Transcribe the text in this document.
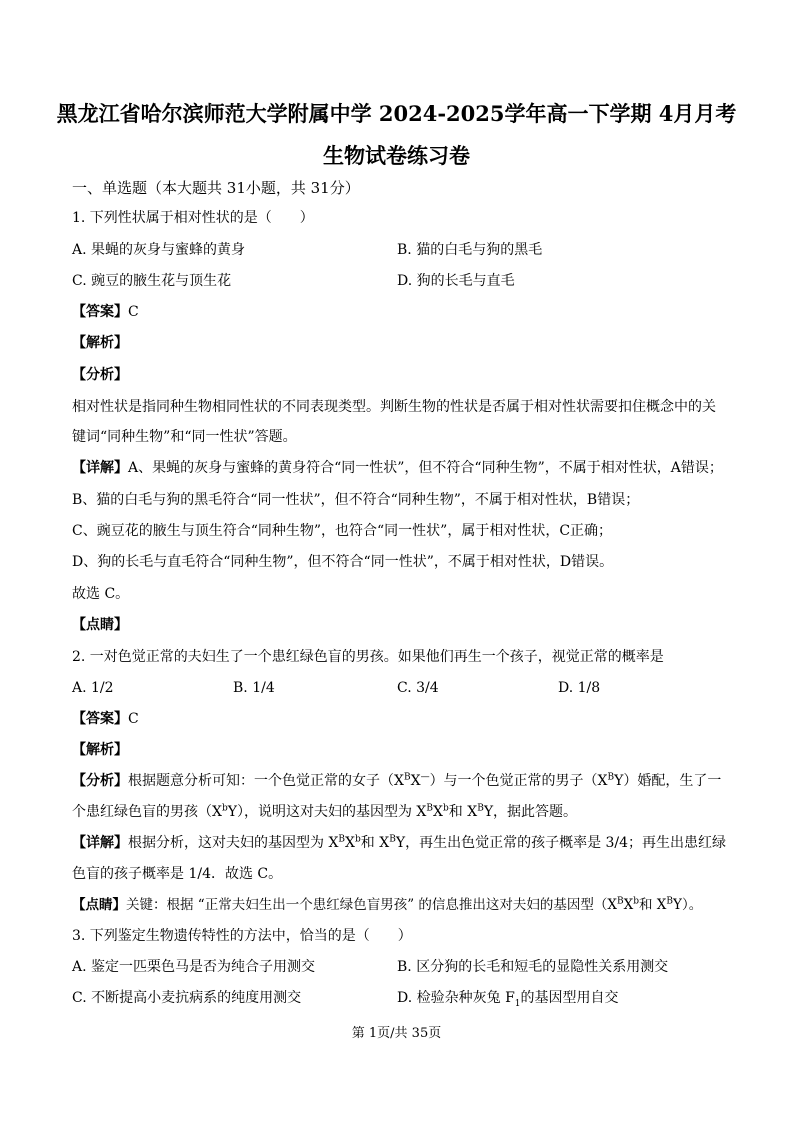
黑龙江省哈尔滨师范大学附属中学 2024-2025学年高一下学期 4月月考
生物试卷练习卷
一、单选题（本大题共 31小题，共 31分）
1. 下列性状属于相对性状的是（　　）
A. 果蝇的灰身与蜜蜂的黄身	B. 猫的白毛与狗的黑毛
C. 豌豆的腋生花与顶生花	D. 狗的长毛与直毛
【答案】C
【解析】
【分析】
相对性状是指同种生物相同性状的不同表现类型。判断生物的性状是否属于相对性状需要扣住概念中的关
键词“同种生物”和“同一性状”答题。
【详解】A、果蝇的灰身与蜜蜂的黄身符合“同一性状”，但不符合“同种生物”，不属于相对性状，A错误；
B、猫的白毛与狗的黑毛符合“同一性状”，但不符合“同种生物”，不属于相对性状，B错误；
C、豌豆花的腋生与顶生符合“同种生物”，也符合“同一性状”，属于相对性状，C正确；
D、狗的长毛与直毛符合“同种生物”，但不符合“同一性状”，不属于相对性状，D错误。
故选 C。
【点睛】
2. 一对色觉正常的夫妇生了一个患红绿色盲的男孩。如果他们再生一个孩子，视觉正常的概率是
A. 1/2	B. 1/4	C. 3/4	D. 1/8
【答案】C
【解析】
【分析】根据题意分析可知：一个色觉正常的女子$(X^BX^—)$与一个色觉正常的男子$(X^BY)$婚配，生了一
个患红绿色盲的男孩$(X^bY)$，说明这对夫妇的基因型为 $X^BX^b$和 $X^BY$，据此答题。
【详解】根据分析，这对夫妇的基因型为 $X^BX^b$和 $X^BY$，再生出色觉正常的孩子概率是 3/4；再生出患红绿
色盲的孩子概率是 1/4．故选 C。
【点睛】关键：根据 “正常夫妇生出一个患红绿色盲男孩” 的信息推出这对夫妇的基因型（$X^BX^b$和 $X^BY$）。
3. 下列鉴定生物遗传特性的方法中，恰当的是（　　）
A. 鉴定一匹栗色马是否为纯合子用测交	B. 区分狗的长毛和短毛的显隐性关系用测交
C. 不断提高小麦抗病系的纯度用测交	D. 检验杂种灰兔 $F_1$的基因型用自交
第 1页/共 35页
